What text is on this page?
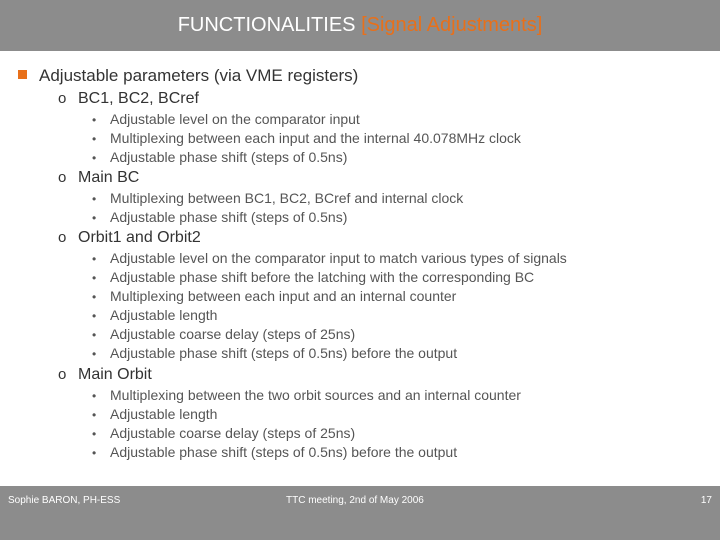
FUNCTIONALITIES [Signal Adjustments]
Adjustable parameters (via VME registers)
o BC1, BC2, BCref
• Adjustable level on the comparator input
• Multiplexing between each input and the internal 40.078MHz clock
• Adjustable phase shift (steps of 0.5ns)
o Main BC
• Multiplexing between BC1, BC2, BCref and internal clock
• Adjustable phase shift (steps of 0.5ns)
o Orbit1 and Orbit2
• Adjustable level on the comparator input to match various types of signals
• Adjustable phase shift before the latching with the corresponding BC
• Multiplexing between each input and an internal counter
• Adjustable length
• Adjustable coarse delay (steps of 25ns)
• Adjustable phase shift (steps of 0.5ns) before the output
o Main Orbit
• Multiplexing between the two orbit sources and an internal counter
• Adjustable length
• Adjustable coarse delay (steps of 25ns)
• Adjustable phase shift (steps of 0.5ns) before the output
Sophie BARON, PH-ESS	TTC meeting, 2nd of May 2006	17
